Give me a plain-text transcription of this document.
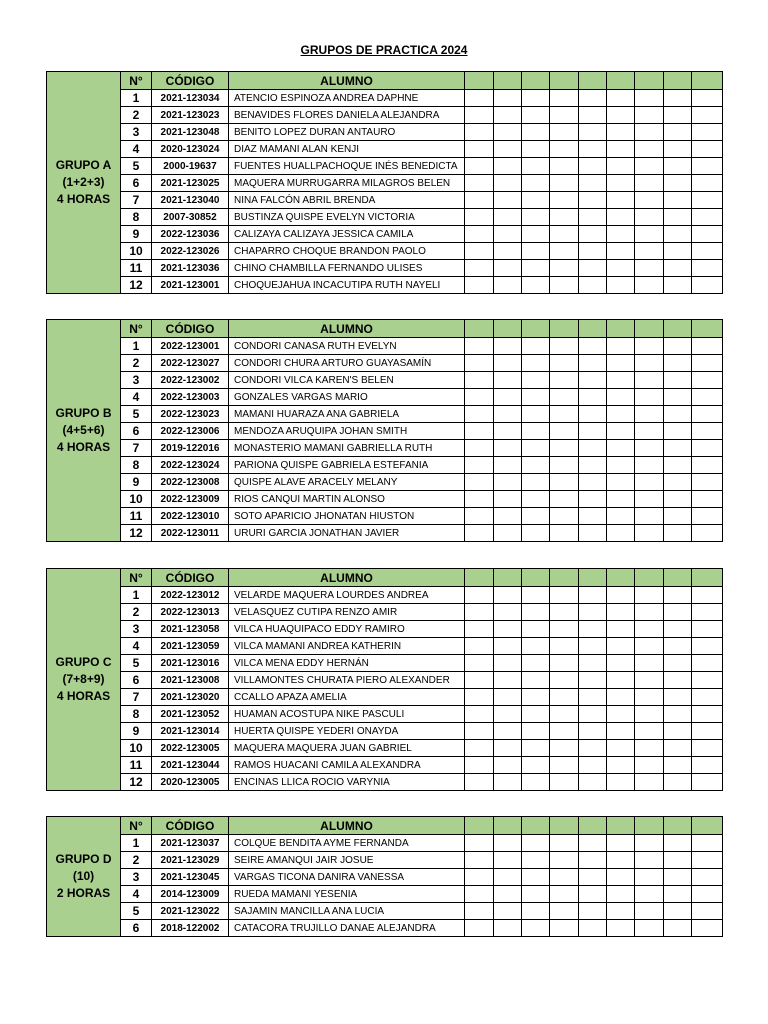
GRUPOS DE PRACTICA 2024
GRUPO A
(1+2+3)
4 HORAS	N°	CÓDIGO	ALUMNO									
	1	2021-123034	ATENCIO ESPINOZA ANDREA DAPHNE									
	2	2021-123023	BENAVIDES FLORES DANIELA ALEJANDRA									
	3	2021-123048	BENITO LOPEZ DURAN ANTAURO									
	4	2020-123024	DIAZ MAMANI ALAN KENJI									
	5	2000-19637	FUENTES HUALLPACHOQUE INÉS BENEDICTA									
	6	2021-123025	MAQUERA MURRUGARRA MILAGROS BELEN									
	7	2021-123040	NINA FALCÓN ABRIL BRENDA									
	8	2007-30852	BUSTINZA QUISPE EVELYN VICTORIA									
	9	2022-123036	CALIZAYA CALIZAYA JESSICA CAMILA									
	10	2022-123026	CHAPARRO CHOQUE BRANDON PAOLO									
	11	2021-123036	CHINO CHAMBILLA FERNANDO ULISES									
	12	2021-123001	CHOQUEJAHUA INCACUTIPA RUTH NAYELI									
GRUPO B
(4+5+6)
4 HORAS	N°	CÓDIGO	ALUMNO									
	1	2022-123001	CONDORI CANASA RUTH EVELYN									
	2	2022-123027	CONDORI CHURA ARTURO GUAYASAMÍN									
	3	2022-123002	CONDORI VILCA KAREN'S BELEN									
	4	2022-123003	GONZALES VARGAS MARIO									
	5	2022-123023	MAMANI HUARAZA ANA GABRIELA									
	6	2022-123006	MENDOZA ARUQUIPA JOHAN SMITH									
	7	2019-122016	MONASTERIO MAMANI GABRIELLA RUTH									
	8	2022-123024	PARIONA QUISPE GABRIELA ESTEFANIA									
	9	2022-123008	QUISPE ALAVE ARACELY MELANY									
	10	2022-123009	RIOS CANQUI MARTIN ALONSO									
	11	2022-123010	SOTO APARICIO JHONATAN HIUSTON									
	12	2022-123011	URURI GARCIA JONATHAN JAVIER									
GRUPO C
(7+8+9)
4 HORAS	N°	CÓDIGO	ALUMNO									
	1	2022-123012	VELARDE MAQUERA LOURDES ANDREA									
	2	2022-123013	VELASQUEZ CUTIPA RENZO AMIR									
	3	2021-123058	VILCA HUAQUIPACO EDDY RAMIRO									
	4	2021-123059	VILCA MAMANI ANDREA KATHERIN									
	5	2021-123016	VILCA MENA EDDY HERNÁN									
	6	2021-123008	VILLAMONTES CHURATA PIERO ALEXANDER									
	7	2021-123020	CCALLO APAZA AMELIA									
	8	2021-123052	HUAMAN ACOSTUPA NIKE PASCULI									
	9	2021-123014	HUERTA QUISPE YEDERI ONAYDA									
	10	2022-123005	MAQUERA MAQUERA JUAN GABRIEL									
	11	2021-123044	RAMOS HUACANI CAMILA ALEXANDRA									
	12	2020-123005	ENCINAS LLICA ROCIO VARYNIA									
GRUPO D
(10)
2 HORAS	N°	CÓDIGO	ALUMNO									
	1	2021-123037	COLQUE BENDITA AYME FERNANDA									
	2	2021-123029	SEIRE AMANQUI JAIR JOSUE									
	3	2021-123045	VARGAS TICONA DANIRA VANESSA									
	4	2014-123009	RUEDA MAMANI YESENIA									
	5	2021-123022	SAJAMIN MANCILLA ANA LUCIA									
	6	2018-122002	CATACORA TRUJILLO DANAE ALEJANDRA									
